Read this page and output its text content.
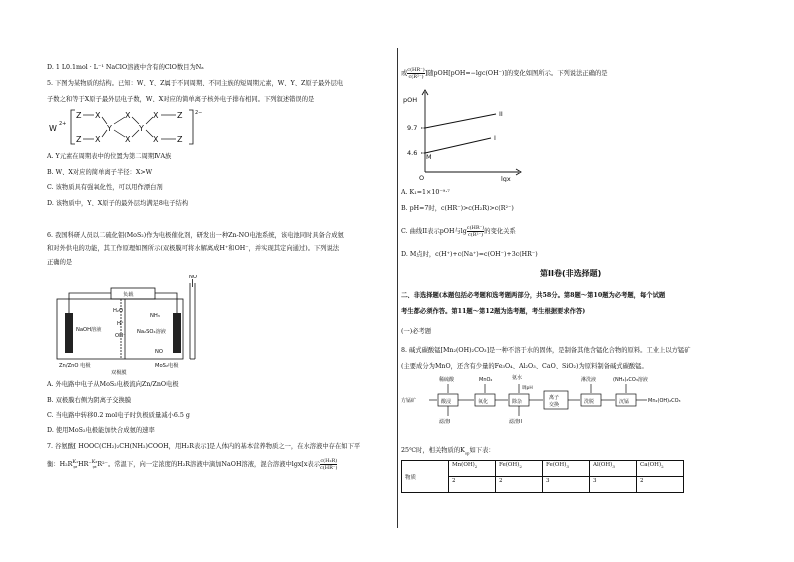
D. 1 L0.1mol · L⁻¹ NaClO溶液中含有的ClO数目为Nₐ
5. 下图为某物质的结构。已知：W、Y、Z属于不同周期、不同主族的短周期元素，W、Y、Z原子最外层电
子数之和等于X原子最外层电子数，W、X对应的简单离子核外电子排布相同。下列叙述错误的是
W 2+
2−
Z
Z
X
X
Y
X
X
Y
X
X
Z
Z
A. Y元素在周期表中的位置为第二周期ⅣA族
B. W、X对应的简单离子半径：X>W
C. 该物质具有强氧化性，可以用作漂白剂
D. 该物质中，Y、X原子的最外层均满足8电子结构
6. 我国科研人员以二硫化钼(MoS₂)作为电极催化剂，研发出一种Zn-NO电池系统，该电池同时具备合成氨
和对外供电的功能，其工作原理如图所示(双极膜可将水解离成H⁺和OH⁻，并实现其定向通过)。下列说法
正确的是
负载
NO
H₂O
H⁺
OH⁻
NH₃
NaOH溶液	Na₂SO₄溶液
NO
Zn/ZnO 电极	MoS₂电极
双极膜
A. 外电路中电子从MoS₂电极流向Zn/ZnO电极
B. 双极膜右侧为阴离子交换膜
C. 当电路中转移0.2 mol电子时负极质量减小6.5 g
D. 使用MoS₂电极能加快合成氨的速率
7. 谷氨酸[ HOOC(CH₂)₂CH(NH₂)COOH，用H₂R表示]是人体内的基本营养物质之一，在水溶液中存在如下平
衡：H₂R K₁
⇌ HR⁻ K₂
⇌ R²⁻。常温下，向一定浓度的H₂R溶液中滴加NaOH溶液，混合溶液中lgx[x表示 $\frac{\text{c(H₂R)}}{c(HR^-)}$
或 $\frac{c(HR^-)}{\text{c(R²⁻)}}$ ]随pOH[pOH=−lgc(OH⁻)]的变化如图所示。下列说法正确的是
pOH
lgx
O
9.7
4.6
II
I
M
A. K₁=1×10⁻⁹·⁷
B. pH=7时，c(HR⁻)>c(H₂R)>c(R²⁻)
C. 曲线II表示pOH与$\lg \frac{c(HR^-)}{\text{c(R²⁻)}}$ 的变化关系
D. M点时，c(H⁺)+c(Na⁺)=c(OH⁻)+3c(HR⁻)
第II卷(非选择题)
二、非选择题(本题包括必考题和选考题两部分，共58分。第8题～第10题为必考题，每个试题
考生都必须作答。第11题～第12题为选考题，考生根据要求作答)
(一)必考题
8. 碱式碳酸锰[Mn₂(OH)₂CO₃]是一种不溶于水的固体，是制备其他含锰化合物的原料。工业上以方锰矿
(主要成分为MnO，还含有少量的Fe₃O₄、Al₂O₃、CaO、SiO₂)为原料制备碱式碳酸锰。
方锰矿
稀硫酸	MnO₂	氨水
调pH
(NH₄)₂CO₃溶液
淋洗液
酸浸	氧化	除杂
离子
交换	洗脱	沉锰	Mn₂(OH)₂CO₃
滤渣I	滤渣II
25℃时，相关物质的$K_{sp}$如下表：
物质	$Mn(OH)_2$	$Fe(OH)_2$	$Fe(OH)_3$	$Al(OH)_3$	$Ca(OH)_2$
	2	2	3	3	2
